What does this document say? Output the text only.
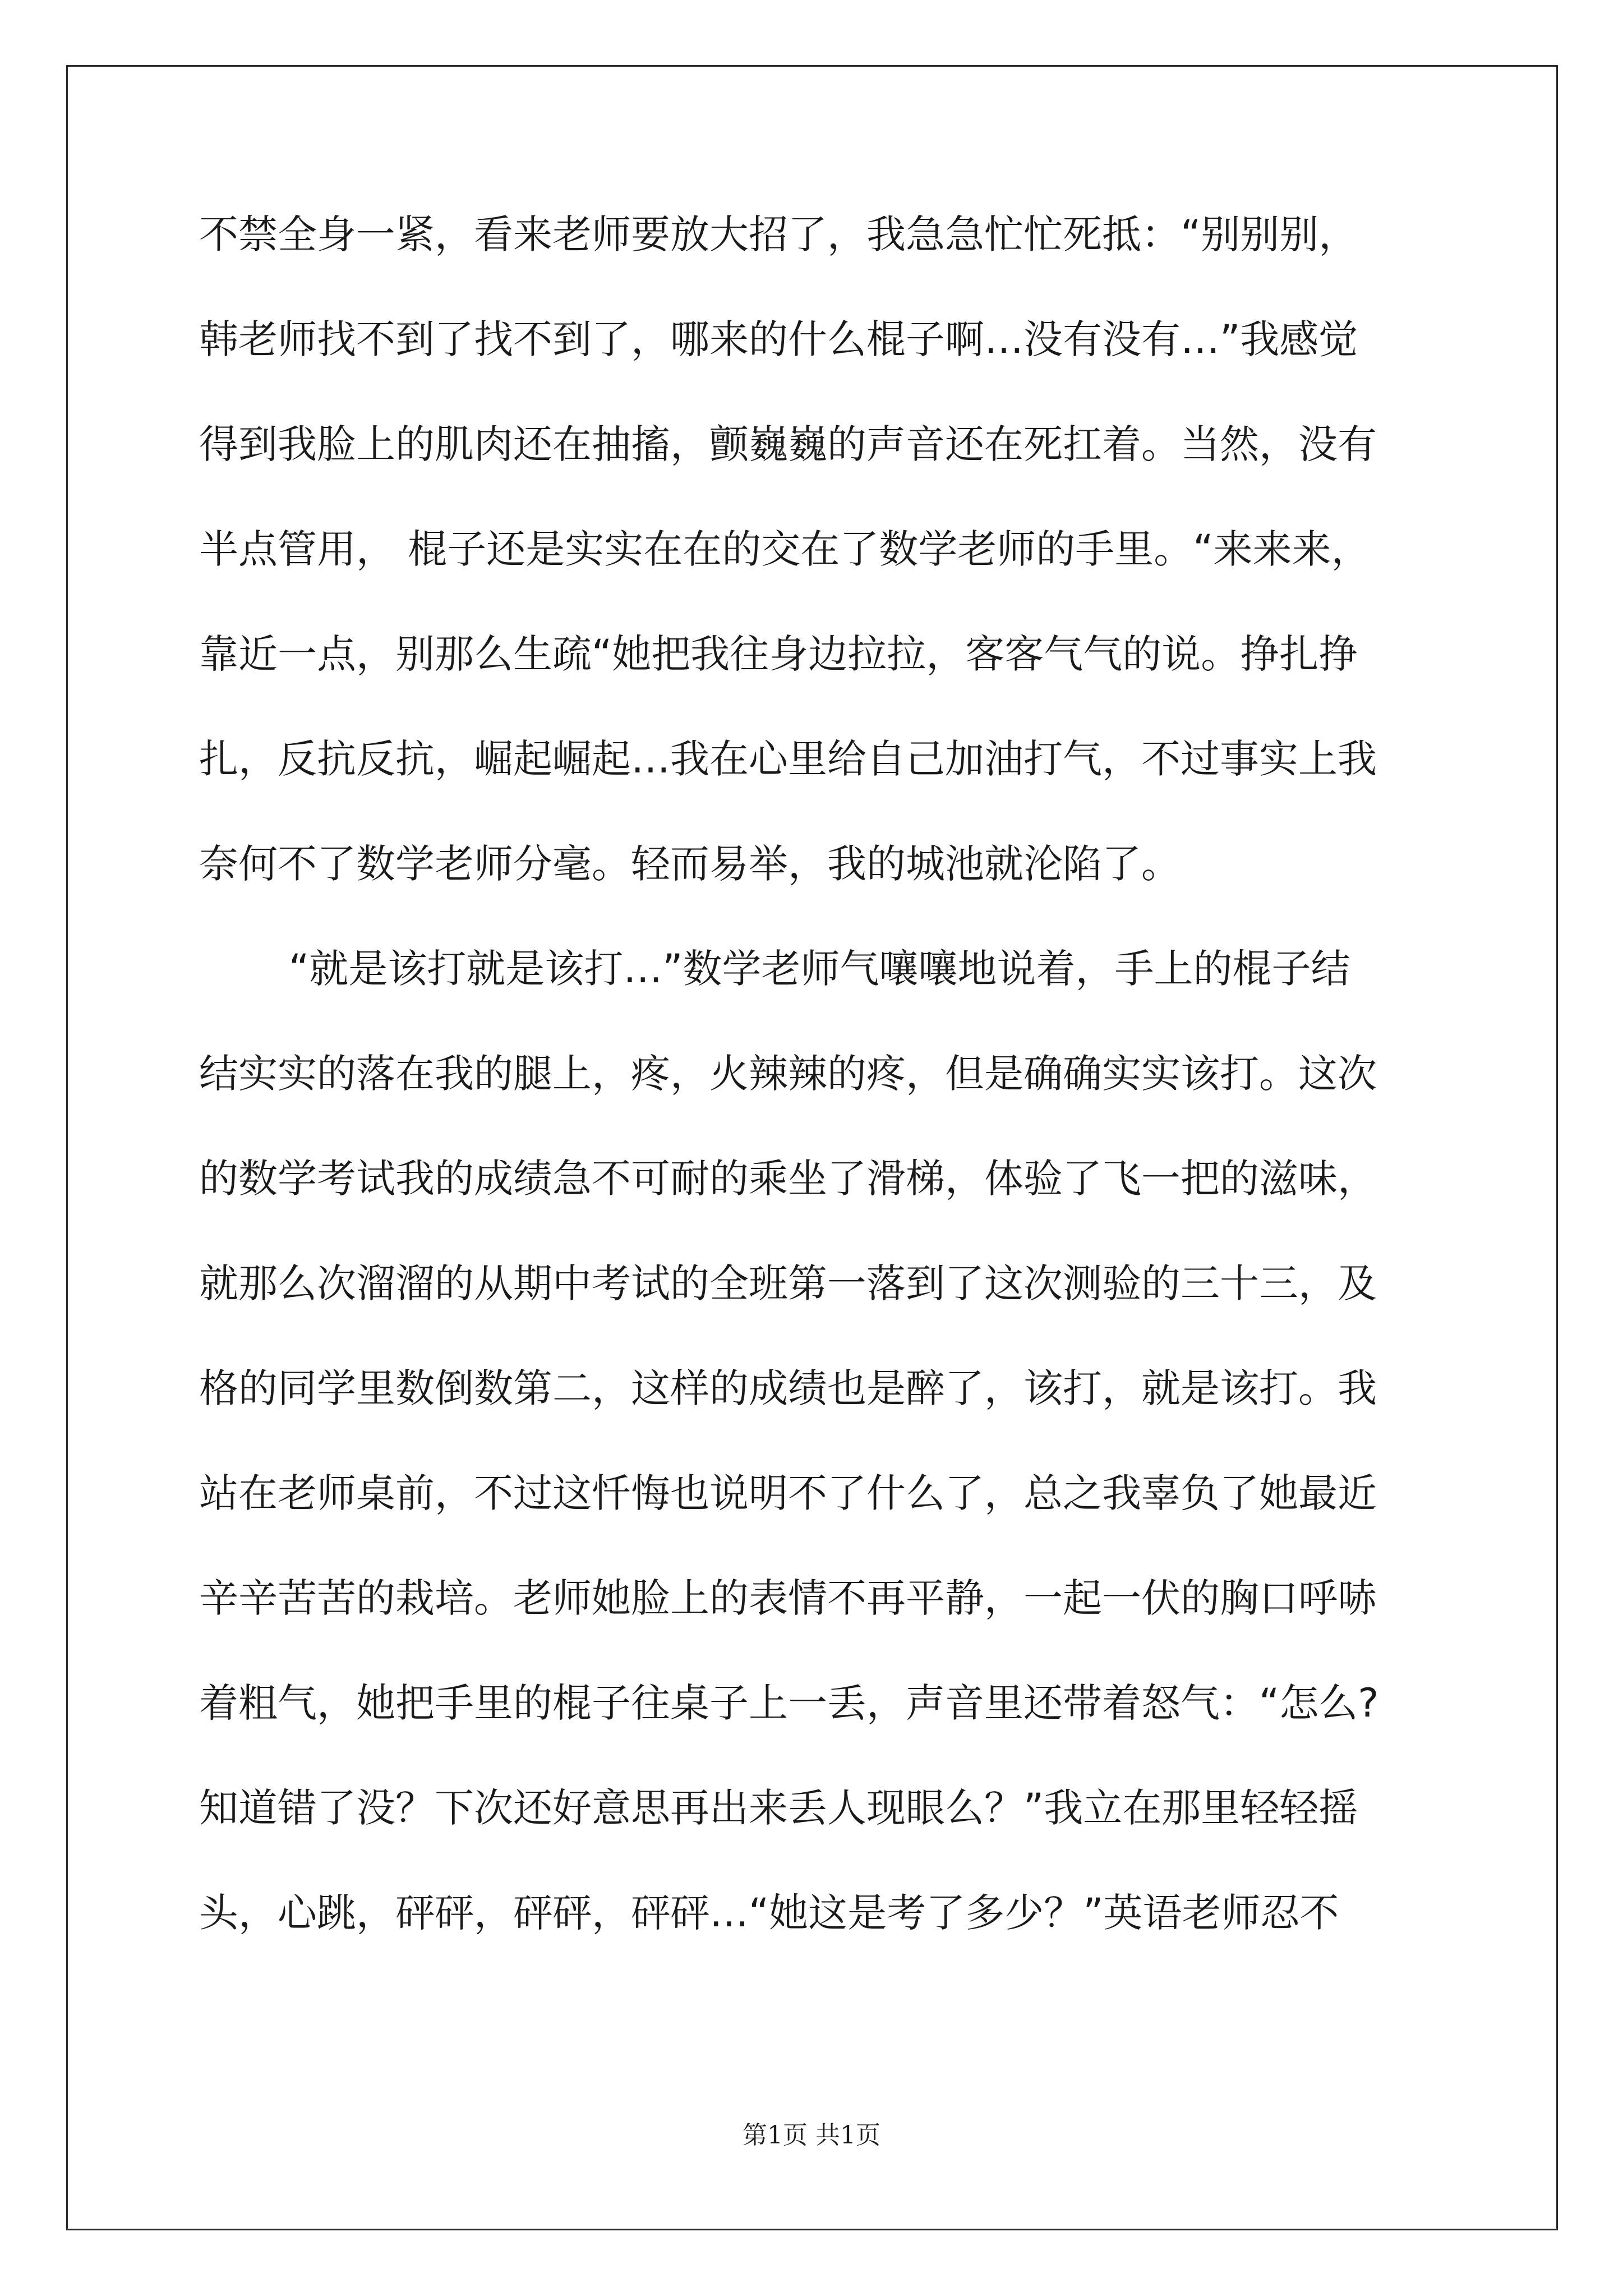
不禁全身一紧，看来老师要放大招了，我急急忙忙死抵：“别别别，
韩老师找不到了找不到了，哪来的什么棍子啊…没有没有…”我感觉
得到我脸上的肌肉还在抽搐，颤巍巍的声音还在死扛着。当然，没有
半点管用， 棍子还是实实在在的交在了数学老师的手里。“来来来，
靠近一点，别那么生疏“她把我往身边拉拉，客客气气的说。挣扎挣
扎，反抗反抗，崛起崛起…我在心里给自己加油打气，不过事实上我
奈何不了数学老师分毫。轻而易举，我的城池就沦陷了。
“就是该打就是该打…”数学老师气嚷嚷地说着，手上的棍子结
结实实的落在我的腿上，疼，火辣辣的疼，但是确确实实该打。这次
的数学考试我的成绩急不可耐的乘坐了滑梯，体验了飞一把的滋味，
就那么次溜溜的从期中考试的全班第一落到了这次测验的三十三，及
格的同学里数倒数第二，这样的成绩也是醉了，该打，就是该打。我
站在老师桌前，不过这忏悔也说明不了什么了，总之我辜负了她最近
辛辛苦苦的栽培。老师她脸上的表情不再平静，一起一伏的胸口呼哧
着粗气，她把手里的棍子往桌子上一丢，声音里还带着怒气：“怎么?
知道错了没？下次还好意思再出来丢人现眼么？”我立在那里轻轻摇
头，心跳，砰砰，砰砰，砰砰…“她这是考了多少？”英语老师忍不
第1页 共1页
